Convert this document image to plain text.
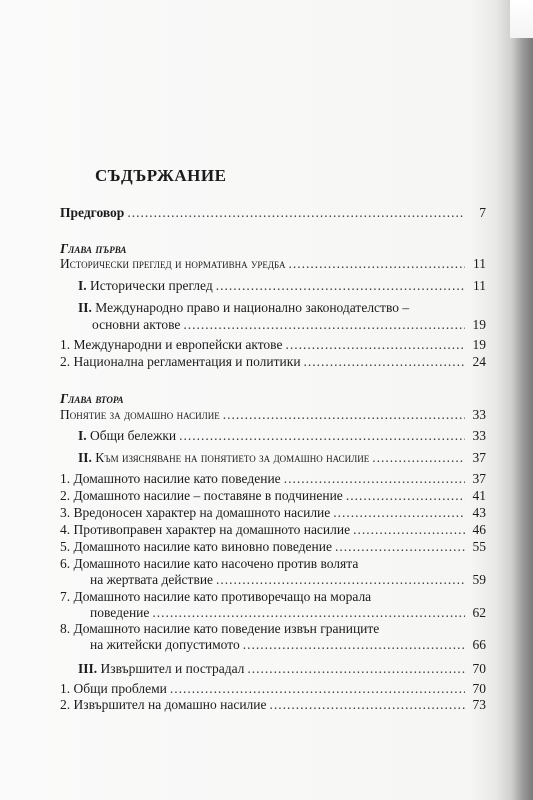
СЪДЪРЖАНИЕ
Предговор .....	7
Глава първа
Исторически преглед и нормативна уредба .....	11
I. Исторически преглед .....	11
II. Международно право и национално законодателство –
основни актове .....	19
1. Международни и европейски актове .....	19
2. Национална регламентация и политики .....	24
Глава втора
Понятие за домашно насилие .....	33
I. Общи бележки .....	33
II. Към изясняване на понятието за домашно насилие .....	37
1. Домашното насилие като поведение .....	37
2. Домашното насилие – поставяне в подчинение .....	41
3. Вредоносен характер на домашното насилие .....	43
4. Противоправен характер на домашното насилие .....	46
5. Домашното насилие като виновно поведение .....	55
6. Домашното насилие като насочено против волята
на жертвата действие .....	59
7. Домашното насилие като противоречащо на морала
поведение .....	62
8. Домашното насилие като поведение извън границите
на житейски допустимото .....	66
III. Извършител и пострадал .....	70
1. Общи проблеми .....	70
2. Извършител на домашно насилие .....	73
